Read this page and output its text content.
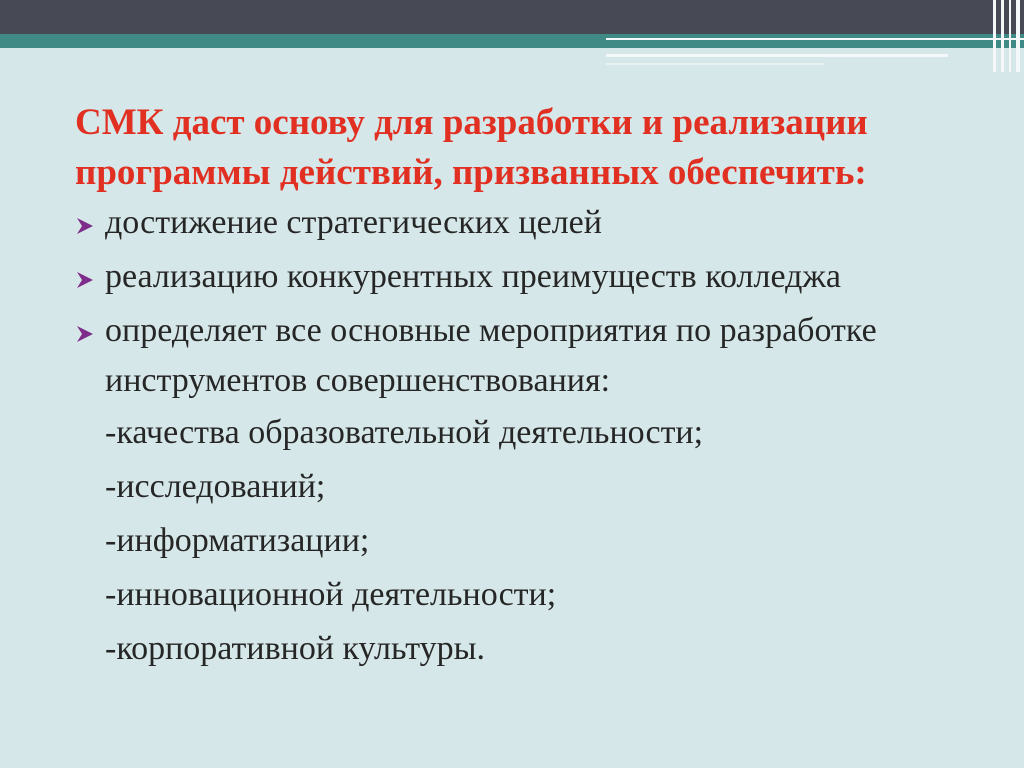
СМК даст основу для разработки и реализации программы действий, призванных обеспечить:
достижение стратегических целей
реализацию конкурентных преимуществ колледжа
определяет все основные мероприятия по разработке инструментов совершенствования:
-качества образовательной деятельности;
-исследований;
-информатизации;
-инновационной деятельности;
-корпоративной культуры.
